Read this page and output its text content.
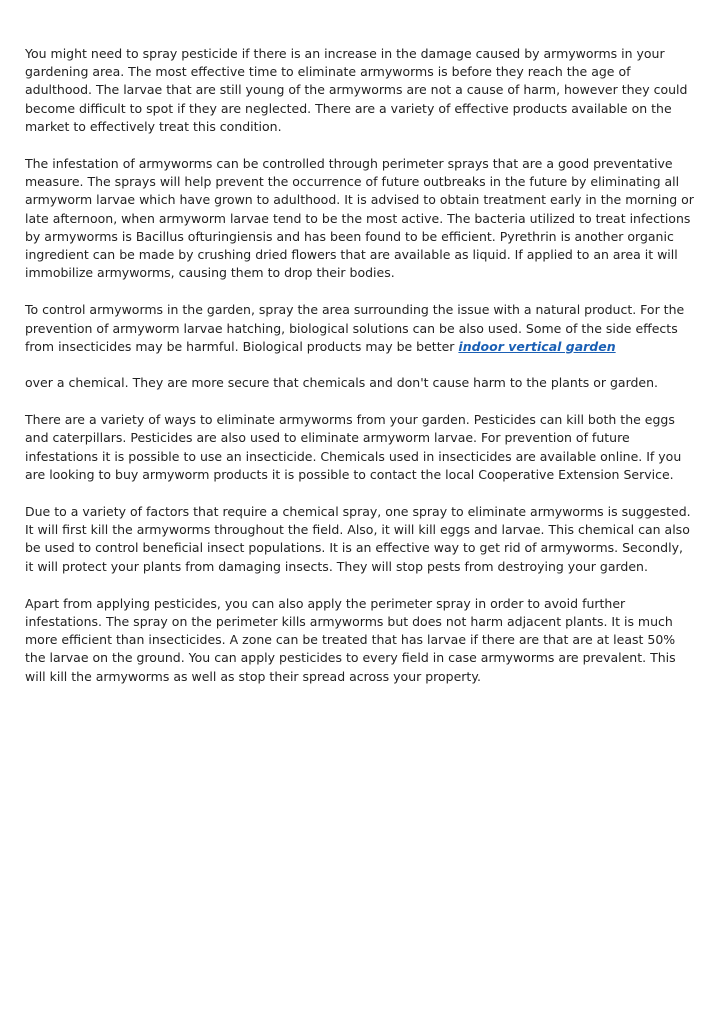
You might need to spray pesticide if there is an increase in the damage caused by armyworms in your gardening area. The most effective time to eliminate armyworms is before they reach the age of adulthood. The larvae that are still young of the armyworms are not a cause of harm, however they could become difficult to spot if they are neglected. There are a variety of effective products available on the market to effectively treat this condition.

The infestation of armyworms can be controlled through perimeter sprays that are a good preventative measure. The sprays will help prevent the occurrence of future outbreaks in the future by eliminating all armyworm larvae which have grown to adulthood. It is advised to obtain treatment early in the morning or late afternoon, when armyworm larvae tend to be the most active. The bacteria utilized to treat infections by armyworms is Bacillus ofturingiensis and has been found to be efficient. Pyrethrin is another organic ingredient can be made by crushing dried flowers that are available as liquid. If applied to an area it will immobilize armyworms, causing them to drop their bodies.

To control armyworms in the garden, spray the area surrounding the issue with a natural product. For the prevention of armyworm larvae hatching, biological solutions can be also used. Some of the side effects from insecticides may be harmful. Biological products may be better indoor vertical garden

over a chemical. They are more secure that chemicals and don't cause harm to the plants or garden.

There are a variety of ways to eliminate armyworms from your garden. Pesticides can kill both the eggs and caterpillars. Pesticides are also used to eliminate armyworm larvae. For prevention of future infestations it is possible to use an insecticide. Chemicals used in insecticides are available online. If you are looking to buy armyworm products it is possible to contact the local Cooperative Extension Service.

Due to a variety of factors that require a chemical spray, one spray to eliminate armyworms is suggested. It will first kill the armyworms throughout the field. Also, it will kill eggs and larvae. This chemical can also be used to control beneficial insect populations. It is an effective way to get rid of armyworms. Secondly, it will protect your plants from damaging insects. They will stop pests from destroying your garden.

Apart from applying pesticides, you can also apply the perimeter spray in order to avoid further infestations. The spray on the perimeter kills armyworms but does not harm adjacent plants. It is much more efficient than insecticides. A zone can be treated that has larvae if there are that are at least 50% the larvae on the ground. You can apply pesticides to every field in case armyworms are prevalent. This will kill the armyworms as well as stop their spread across your property.
